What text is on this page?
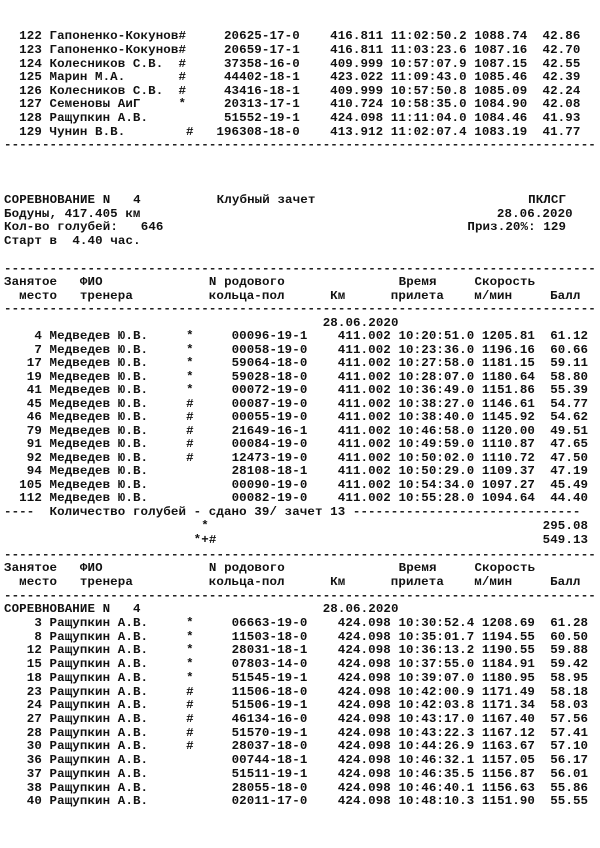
122 Гапоненко-Кокунов#     20625-17-0    416.811 11:02:50.2 1088.74  42.86
123 Гапоненко-Кокунов#     20659-17-1    416.811 11:03:23.6 1087.16  42.70
124 Колесников С.В.  #     37358-16-0    409.999 10:57:07.9 1087.15  42.55
125 Марин М.А.       #     44402-18-1    423.022 11:09:43.0 1085.46  42.39
126 Колесников С.В.  #     43416-18-1    409.999 10:57:50.8 1085.09  42.24
127 Семеновы АиГ     *     20313-17-1    410.724 10:58:35.0 1084.90  42.08
128 Ращупкин А.В.          51552-19-1    424.098 11:11:04.0 1084.46  41.93
129 Чунин В.В.        #   196308-18-0    413.912 11:02:07.4 1083.19  41.77
------------------------------------------------------------------------------
СОРЕВНОВАНИЕ N   4          Клубный зачет                            ПКЛСГ
Бодуны, 417.405 км                                               28.06.2020
Кол-во голубей:   646                                        Приз.20%: 129
Старт в  4.40 час.
------------------------------------------------------------------------------
Занятое   ФИО              N родового               Время     Скорость
место   тренера          кольца-пол      Км      прилета    м/мин     Балл
------------------------------------------------------------------------------
28.06.2020
4 Медведев Ю.В.     *     00096-19-1    411.002 10:20:51.0 1205.81  61.12
7 Медведев Ю.В.     *     00058-19-0    411.002 10:23:36.0 1196.16  60.66
17 Медведев Ю.В.     *     59064-18-0    411.002 10:27:58.0 1181.15  59.11
19 Медведев Ю.В.     *     59028-18-0    411.002 10:28:07.0 1180.64  58.80
41 Медведев Ю.В.     *     00072-19-0    411.002 10:36:49.0 1151.86  55.39
45 Медведев Ю.В.     #     00087-19-0    411.002 10:38:27.0 1146.61  54.77
46 Медведев Ю.В.     #     00055-19-0    411.002 10:38:40.0 1145.92  54.62
79 Медведев Ю.В.     #     21649-16-1    411.002 10:46:58.0 1120.00  49.51
91 Медведев Ю.В.     #     00084-19-0    411.002 10:49:59.0 1110.87  47.65
92 Медведев Ю.В.     #     12473-19-0    411.002 10:50:02.0 1110.72  47.50
94 Медведев Ю.В.           28108-18-1    411.002 10:50:29.0 1109.37  47.19
105 Медведев Ю.В.           00090-19-0    411.002 10:54:34.0 1097.27  45.49
112 Медведев Ю.В.           00082-19-0    411.002 10:55:28.0 1094.64  44.40
----  Количество голубей - сдано 39/ зачет 13 ------------------------------
*                                            295.08
*+#                                           549.13
------------------------------------------------------------------------------
Занятое   ФИО              N родового               Время     Скорость
место   тренера          кольца-пол      Км      прилета    м/мин     Балл
------------------------------------------------------------------------------
СОРЕВНОВАНИЕ N   4                        28.06.2020
3 Ращупкин А.В.     *     06663-19-0    424.098 10:30:52.4 1208.69  61.28
8 Ращупкин А.В.     *     11503-18-0    424.098 10:35:01.7 1194.55  60.50
12 Ращупкин А.В.     *     28031-18-1    424.098 10:36:13.2 1190.55  59.88
15 Ращупкин А.В.     *     07803-14-0    424.098 10:37:55.0 1184.91  59.42
18 Ращупкин А.В.     *     51545-19-1    424.098 10:39:07.0 1180.95  58.95
23 Ращупкин А.В.     #     11506-18-0    424.098 10:42:00.9 1171.49  58.18
24 Ращупкин А.В.     #     51506-19-1    424.098 10:42:03.8 1171.34  58.03
27 Ращупкин А.В.     #     46134-16-0    424.098 10:43:17.0 1167.40  57.56
28 Ращупкин А.В.     #     51570-19-1    424.098 10:43:22.3 1167.12  57.41
30 Ращупкин А.В.     #     28037-18-0    424.098 10:44:26.9 1163.67  57.10
36 Ращупкин А.В.           00744-18-1    424.098 10:46:32.1 1157.05  56.17
37 Ращупкин А.В.           51511-19-1    424.098 10:46:35.5 1156.87  56.01
38 Ращупкин А.В.           28055-18-0    424.098 10:46:40.1 1156.63  55.86
40 Ращупкин А.В.           02011-17-0    424.098 10:48:10.3 1151.90  55.55
